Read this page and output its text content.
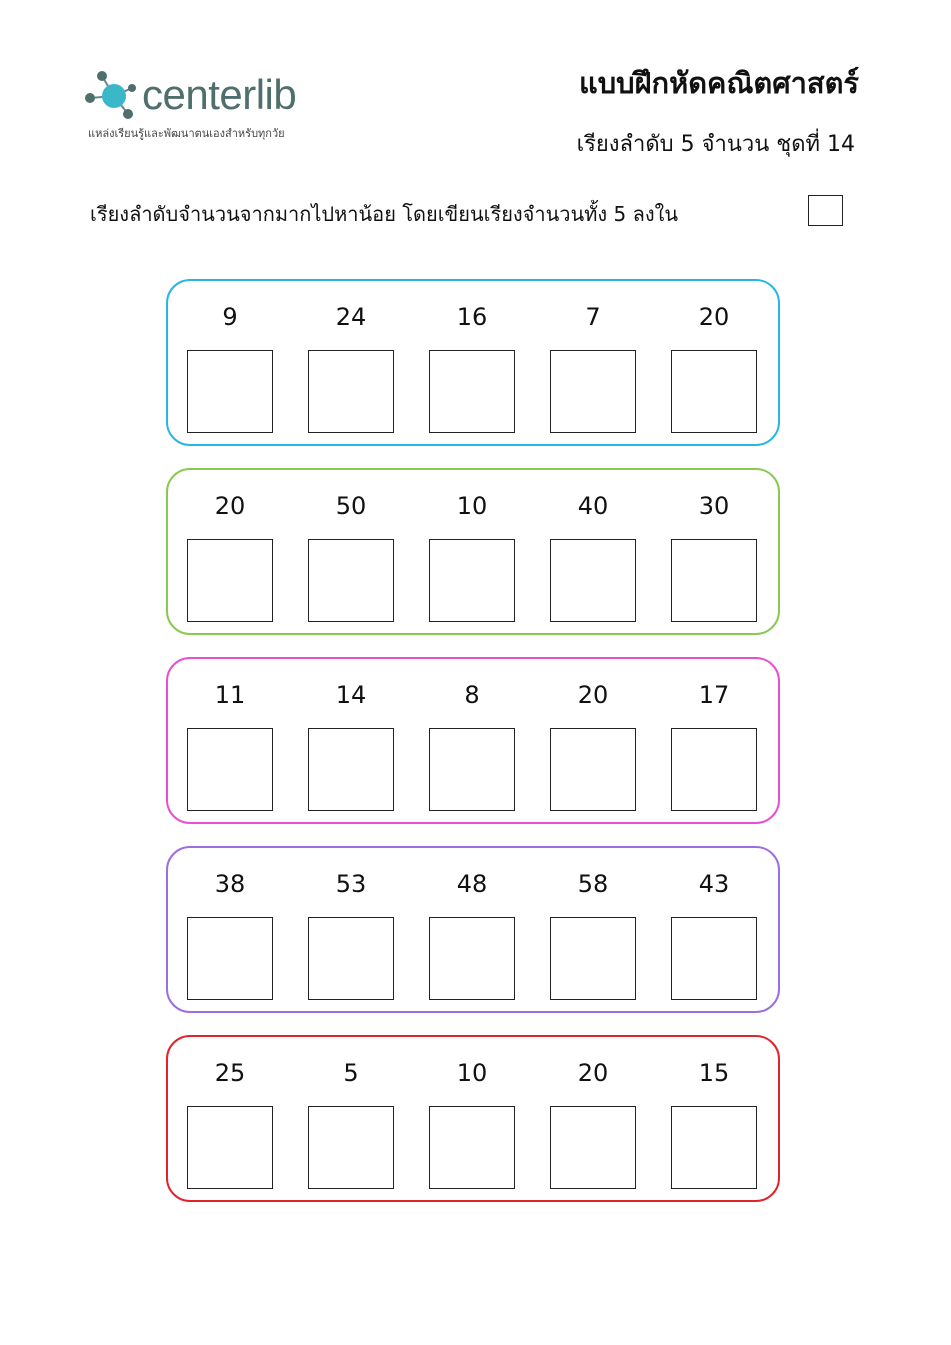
centerlib
แหล่งเรียนรู้และพัฒนาตนเองสำหรับทุกวัย
แบบฝึกหัดคณิตศาสตร์
เรียงลำดับ 5 จำนวน ชุดที่ 14
เรียงลำดับจำนวนจากมากไปหาน้อย โดยเขียนเรียงจำนวนทั้ง 5 ลงใน
9	24	16	7	20
20	50	10	40	30
11	14	8	20	17
38	53	48	58	43
25	5	10	20	15
